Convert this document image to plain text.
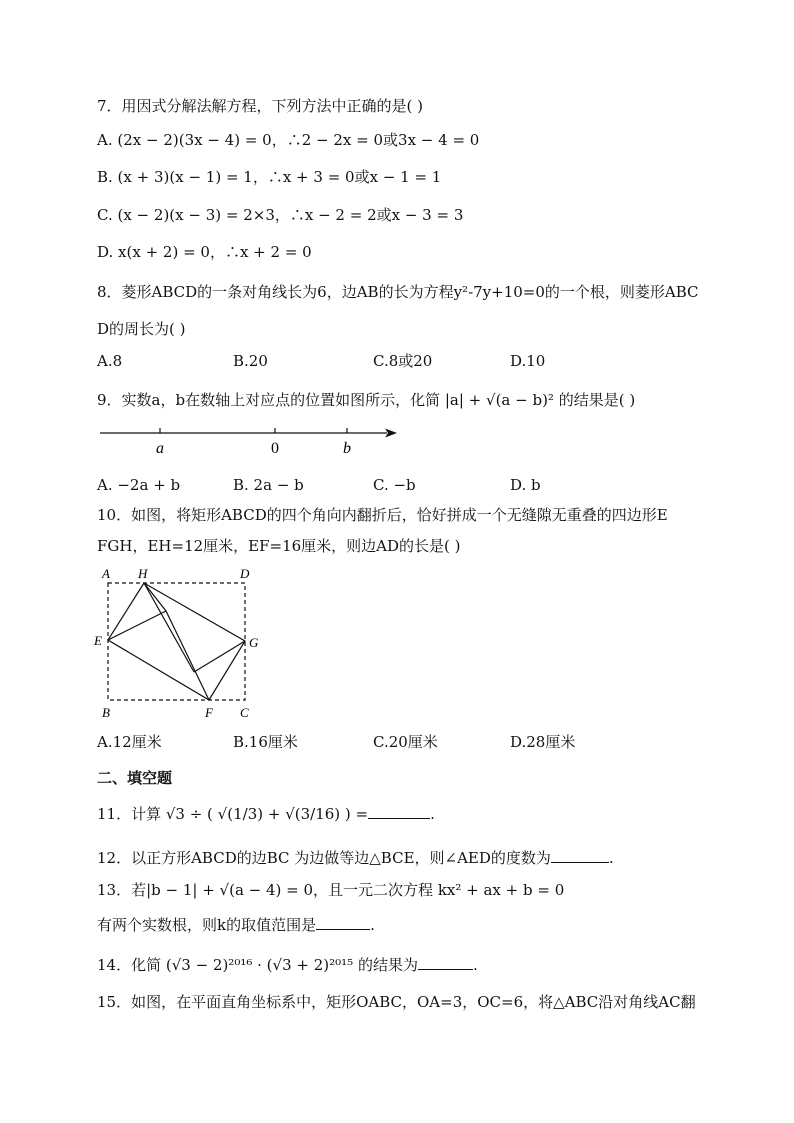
7．用因式分解法解方程，下列方法中正确的是( )
A. (2x − 2)(3x − 4) = 0，∴2 − 2x = 0或3x − 4 = 0
B. (x + 3)(x − 1) = 1，∴x + 3 = 0或x − 1 = 1
C. (x − 2)(x − 3) = 2×3，∴x − 2 = 2或x − 3 = 3
D. x(x + 2) = 0，∴x + 2 = 0
8．菱形ABCD的一条对角线长为6，边AB的长为方程y²-7y+10=0的一个根，则菱形ABC
D的周长为( )
A.8	B.20	C.8或20	D.10
9．实数a，b在数轴上对应点的位置如图所示，化简 |a| + √(a − b)² 的结果是( )
a	0	b
A. −2a + b	B. 2a − b	C. −b	D. b
10．如图，将矩形ABCD的四个角向内翻折后，恰好拼成一个无缝隙无重叠的四边形E
FGH，EH=12厘米，EF=16厘米，则边AD的长是( )
A H	D
E	G
B	F C
A.12厘米	B.16厘米	C.20厘米	D.28厘米
二、填空题
11．计算 √3 ÷ ( √(1/3) + √(3/16) ) =	.
12．以正方形ABCD的边BC 为边做等边△BCE，则∠AED的度数为	.
13．若|b − 1| + √(a − 4) = 0，且一元二次方程 kx² + ax + b = 0
有两个实数根，则k的取值范围是	.
14．化简 (√3 − 2)²⁰¹⁶ · (√3 + 2)²⁰¹⁵ 的结果为	.
15．如图，在平面直角坐标系中，矩形OABC，OA=3，OC=6，将△ABC沿对角线AC翻
